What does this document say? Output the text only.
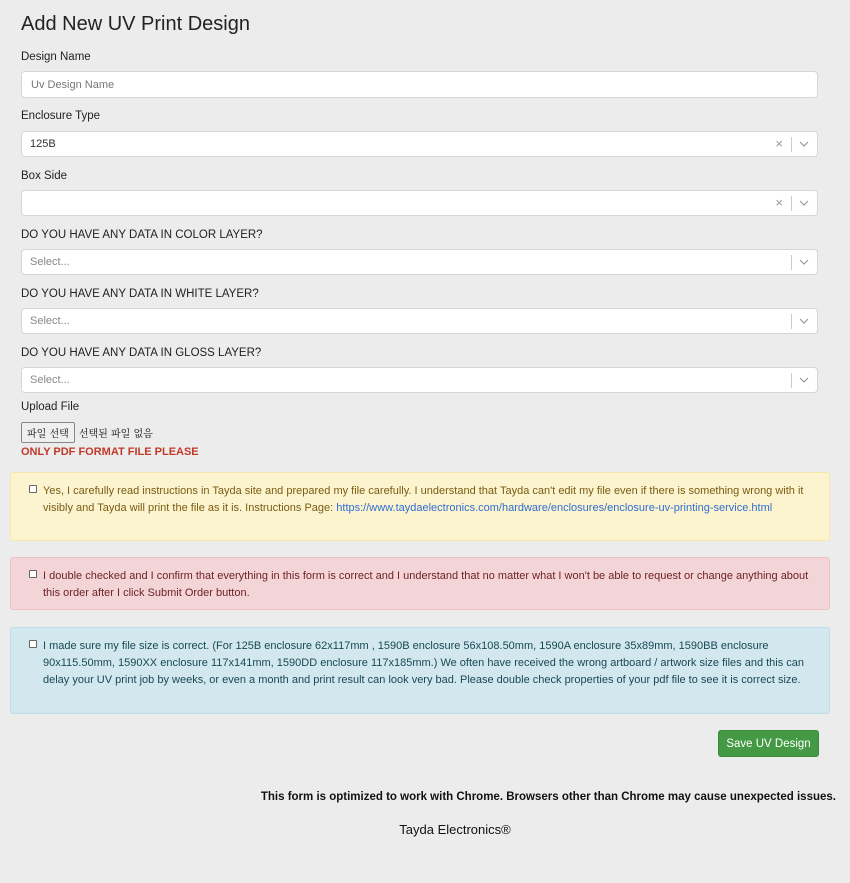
Add New UV Print Design
Design Name
Uv Design Name
Enclosure Type
125B	×
Box Side
×
DO YOU HAVE ANY DATA IN COLOR LAYER?
Select...
DO YOU HAVE ANY DATA IN WHITE LAYER?
Select...
DO YOU HAVE ANY DATA IN GLOSS LAYER?
Select...
Upload File
파일 선택	선택된 파일 없음
ONLY PDF FORMAT FILE PLEASE
Yes, I carefully read instructions in Tayda site and prepared my file carefully. I understand that Tayda can't edit my file even if there is something wrong with it visibly and Tayda will print the file as it is. Instructions Page: https://www.taydaelectronics.com/hardware/enclosures/enclosure-uv-printing-service.html
I double checked and I confirm that everything in this form is correct and I understand that no matter what I won't be able to request or change anything about this order after I click Submit Order button.
I made sure my file size is correct. (For 125B enclosure 62x117mm , 1590B enclosure 56x108.50mm, 1590A enclosure 35x89mm, 1590BB enclosure 90x115.50mm, 1590XX enclosure 117x141mm, 1590DD enclosure 117x185mm.) We often have received the wrong artboard / artwork size files and this can delay your UV print job by weeks, or even a month and print result can look very bad. Please double check properties of your pdf file to see it is correct size.
Save UV Design
This form is optimized to work with Chrome. Browsers other than Chrome may cause unexpected issues.
Tayda Electronics®
